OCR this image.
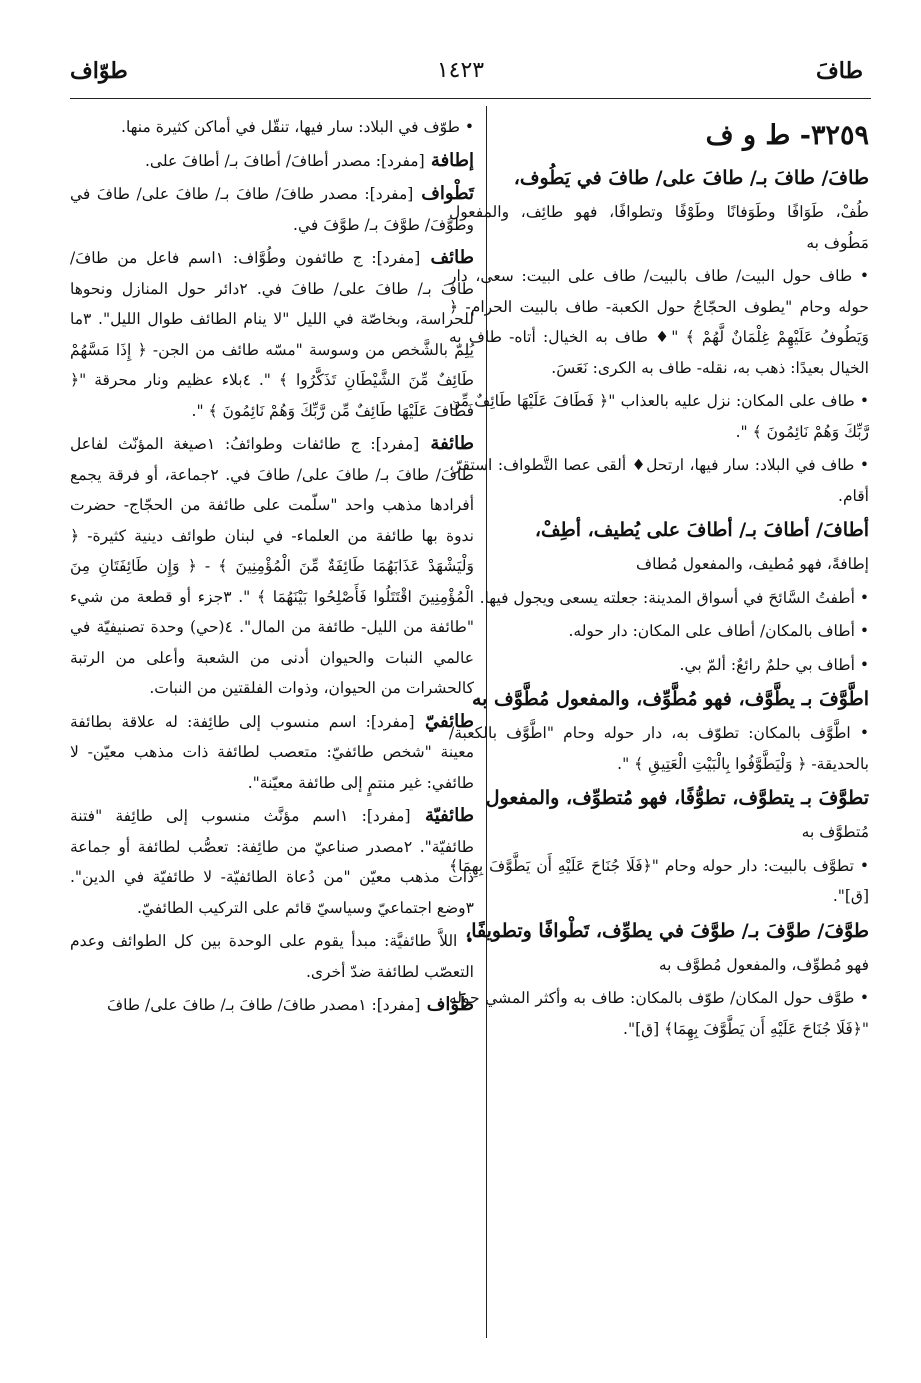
طافَ
١٤٢٣
طوّاف

٣٢٥٩- ط و ف

طافَ/ طافَ بـ/ طافَ على/ طافَ في يَطُوف،

طُفْ، طَوَافًا وطَوَفانًا وطَوْفًا وتطوافًا، فهو طائِف، والمفعول مَطُوف به

• طاف حول البيت/ طاف بالبيت/ طاف على البيت: سعى، دار حوله وحام "يطوف الحجّاجُ حول الكعبة- طاف بالبيت الحرام- ﴿ وَيَطُوفُ عَلَيْهِمْ غِلْمَانٌ لَّهُمْ ﴾ "♦ طاف به الخيال: أتاه- طاف به الخيال بعيدًا: ذهب به، نقله- طاف به الكرى: نَعَسَ.

• طاف على المكان: نزل عليه بالعذاب "﴿ فَطَافَ عَلَيْهَا طَائِفٌ مِّن رَّبِّكَ وَهُمْ نَائِمُونَ ﴾ ".

• طاف في البلاد: سار فيها، ارتحل♦ ألقى عصا التَّطواف: استقرّ، أقام.

أطافَ/ أطافَ بـ/ أطافَ على يُطيف، أطِفْ،

إطافةً، فهو مُطيف، والمفعول مُطاف

• أطفتُ السَّائحَ في أسواق المدينة: جعلته يسعى ويجول فيها.

• أطاف بالمكان/ أطاف على المكان: دار حوله.

• أطاف بي حلمٌ رائعٌ: ألمّ بي.

اطَّوَّفَ بـ يطَّوَّف، فهو مُطَّوِّف، والمفعول مُطَّوَّف به

• اطَّوَّف بالمكان: تطوّف به، دار حوله وحام "اطَّوَّف بالكعبة/ بالحديقة- ﴿ وَلْيَطَّوَّفُوا بِالْبَيْتِ الْعَتِيقِ ﴾ ".

تطوَّفَ بـ يتطوَّف، تطوُّفًا، فهو مُتطوِّف، والمفعول

مُتطوَّف به

• تطوَّف بالبيت: دار حوله وحام "﴿فَلَا جُنَاحَ عَلَيْهِ أَن يَطَّوَّفَ بِهِمَا﴾ [ق]".

طوَّفَ/ طوَّفَ بـ/ طوَّفَ في يطوِّف، تَطْوافًا وتطويفًا،

فهو مُطوِّف، والمفعول مُطوَّف به

• طوَّف حول المكان/ طوّف بالمكان: طاف به وأكثر المشي حوله "﴿فَلَا جُنَاحَ عَلَيْهِ أَن يَطَّوَّفَ بِهِمَا﴾ [ق]".

• طوّف في البلاد: سار فيها، تنقّل في أماكن كثيرة منها.

إطافة [مفرد]: مصدر أطافَ/ أطافَ بـ/ أطافَ على.

تَطْواف [مفرد]: مصدر طافَ/ طافَ بـ/ طافَ على/ طافَ في وطوَّفَ/ طوَّفَ بـ/ طوَّفَ في.

طائف [مفرد]: ج طائفون وطُوَّاف: ١اسم فاعل من طافَ/ طافَ بـ/ طافَ على/ طافَ في. ٢دائر حول المنازل ونحوها للحراسة، وبخاصّة في الليل "لا ينام الطائف طوال الليل". ٣ما يُلِمّ بالشَّخص من وسوسة "مسّه طائف من الجن- ﴿ إِذَا مَسَّهُمْ طَائِفٌ مِّنَ الشَّيْطَانِ تَذَكَّرُوا ﴾ ". ٤بلاء عظيم ونار محرقة "﴿ فَطَافَ عَلَيْهَا طَائِفٌ مِّن رَّبِّكَ وَهُمْ نَائِمُونَ ﴾ ".

طائفة [مفرد]: ج طائفات وطوائفُ: ١صيغة المؤنّث لفاعل طافَ/ طافَ بـ/ طافَ على/ طافَ في. ٢جماعة، أو فرقة يجمع أفرادها مذهب واحد "سلّمت على طائفة من الحجّاج- حضرت ندوة بها طائفة من العلماء- في لبنان طوائف دينية كثيرة- ﴿ وَلْيَشْهَدْ عَذَابَهُمَا طَائِفَةٌ مِّنَ الْمُؤْمِنِينَ ﴾ - ﴿ وَإِن طَائِفَتَانِ مِنَ الْمُؤْمِنِينَ اقْتَتَلُوا فَأَصْلِحُوا بَيْنَهُمَا ﴾ ". ٣جزء أو قطعة من شيء "طائفة من الليل- طائفة من المال". ٤(حي) وحدة تصنيفيّة في عالمي النبات والحيوان أدنى من الشعبة وأعلى من الرتبة كالحشرات من الحيوان، وذوات الفلقتين من النبات.

طائفيّ [مفرد]: اسم منسوب إلى طائِفة: له علاقة بطائفة معينة "شخص طائفيّ: متعصب لطائفة ذات مذهب معيّن- لا طائفي: غير منتمٍ إلى طائفة معيّنة".

طائفيّة [مفرد]: ١اسم مؤنَّث منسوب إلى طائِفة "فتنة طائفيّة". ٢مصدر صناعيّ من طائِفة: تعصُّب لطائفة أو جماعة ذات مذهب معيّن "من دُعاة الطائفيّة- لا طائفيّة في الدين". ٣وضع اجتماعيّ وسياسيّ قائم على التركيب الطائفيّ.

• اللاَّ طائفيَّة: مبدأ يقوم على الوحدة بين كل الطوائف وعدم التعصّب لطائفة ضدّ أخرى.

طَوَاف [مفرد]: ١مصدر طافَ/ طافَ بـ/ طافَ على/ طافَ
